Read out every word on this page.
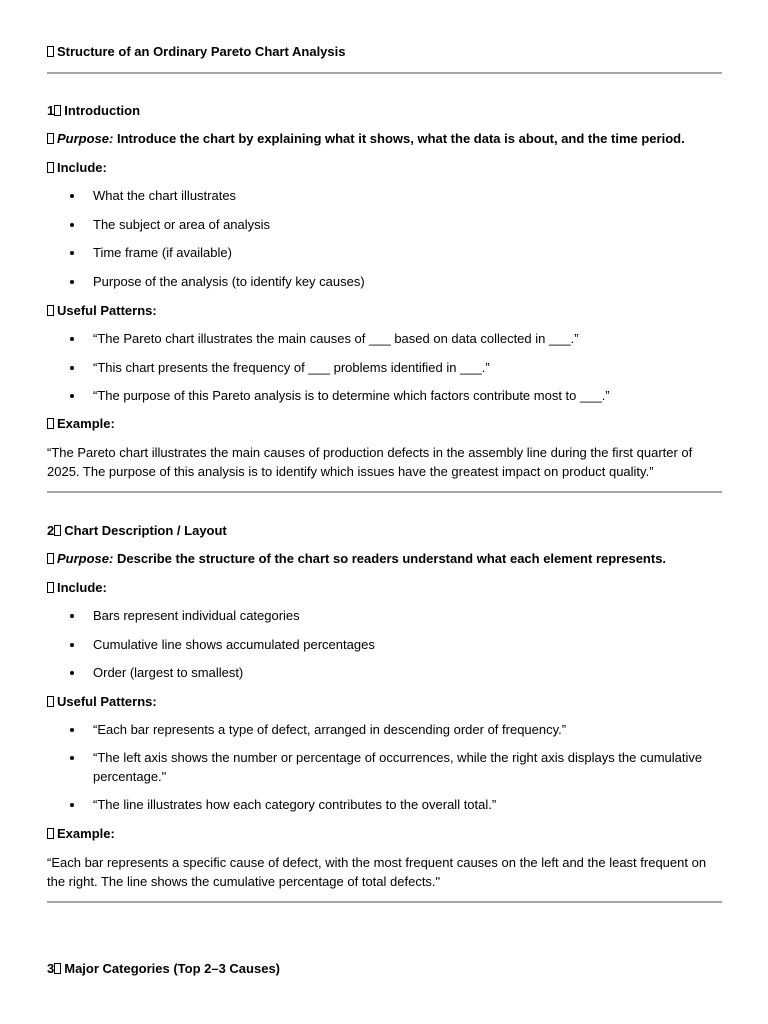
Structure of an Ordinary Pareto Chart Analysis
1 Introduction
Purpose: Introduce the chart by explaining what it shows, what the data is about, and the time period.
Include:
What the chart illustrates
The subject or area of analysis
Time frame (if available)
Purpose of the analysis (to identify key causes)
Useful Patterns:
“The Pareto chart illustrates the main causes of ___ based on data collected in ___.”
“This chart presents the frequency of ___ problems identified in ___.”
“The purpose of this Pareto analysis is to determine which factors contribute most to ___.”
Example:
“The Pareto chart illustrates the main causes of production defects in the assembly line during the first quarter of 2025. The purpose of this analysis is to identify which issues have the greatest impact on product quality.”
2 Chart Description / Layout
Purpose: Describe the structure of the chart so readers understand what each element represents.
Include:
Bars represent individual categories
Cumulative line shows accumulated percentages
Order (largest to smallest)
Useful Patterns:
“Each bar represents a type of defect, arranged in descending order of frequency.”
“The left axis shows the number or percentage of occurrences, while the right axis displays the cumulative percentage."
“The line illustrates how each category contributes to the overall total.”
Example:
“Each bar represents a specific cause of defect, with the most frequent causes on the left and the least frequent on the right. The line shows the cumulative percentage of total defects."
3 Major Categories (Top 2–3 Causes)
